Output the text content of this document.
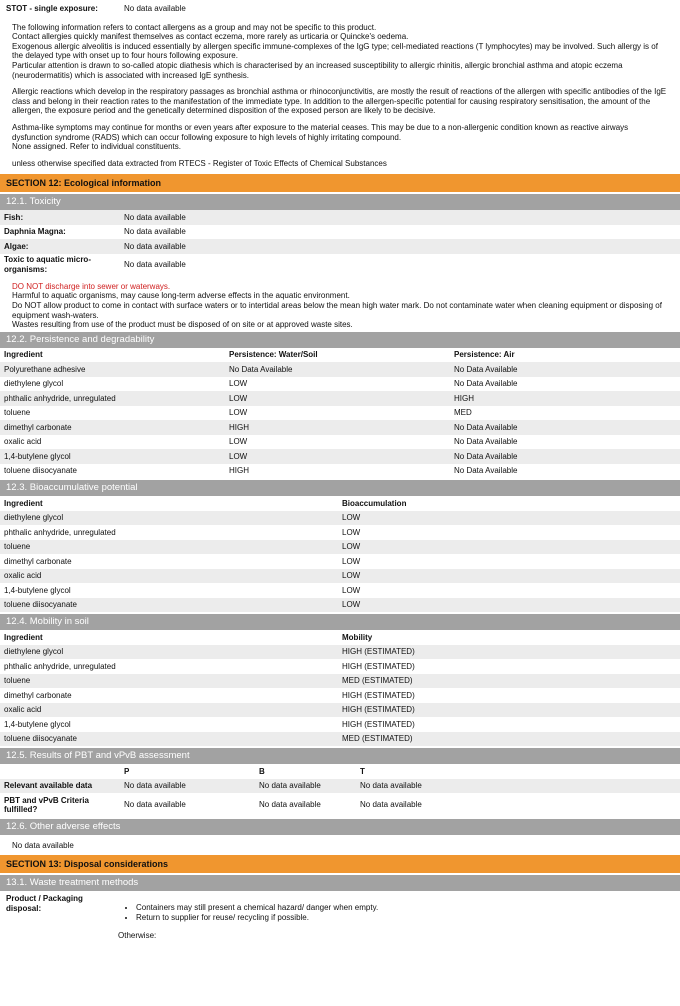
STOT - single exposure:	No data available

The following information refers to contact allergens as a group and may not be specific to this product.
Contact allergies quickly manifest themselves as contact eczema, more rarely as urticaria or Quincke's oedema.
Exogenous allergic alveolitis is induced essentially by allergen specific immune-complexes of the IgG type; cell-mediated reactions (T lymphocytes) may be involved. Such allergy is of the delayed type with onset up to four hours following exposure.
Particular attention is drawn to so-called atopic diathesis which is characterised by an increased susceptibility to allergic rhinitis, allergic bronchial asthma and atopic eczema (neurodermatitis) which is associated with increased IgE synthesis.

Allergic reactions which develop in the respiratory passages as bronchial asthma or rhinoconjunctivitis, are mostly the result of reactions of the allergen with specific antibodies of the IgE class and belong in their reaction rates to the manifestation of the immediate type. In addition to the allergen-specific potential for causing respiratory sensitisation, the amount of the allergen, the exposure period and the genetically determined disposition of the exposed person are likely to be decisive.

Asthma-like symptoms may continue for months or even years after exposure to the material ceases. This may be due to a non-allergenic condition known as reactive airways dysfunction syndrome (RADS) which can occur following exposure to high levels of highly irritating compound.
None assigned. Refer to individual constituents.

unless otherwise specified data extracted from RTECS - Register of Toxic Effects of Chemical Substances

SECTION 12: Ecological information
12.1. Toxicity
Fish:	No data available
Daphnia Magna:	No data available
Algae:	No data available
Toxic to aquatic micro-organisms:
No data available

DO NOT discharge into sewer or waterways.
Harmful to aquatic organisms, may cause long-term adverse effects in the aquatic environment.
Do NOT allow product to come in contact with surface waters or to intertidal areas below the mean high water mark. Do not contaminate water when cleaning equipment or disposing of equipment wash-waters.
Wastes resulting from use of the product must be disposed of on site or at approved waste sites.

12.2. Persistence and degradability
Ingredient	Persistence: Water/Soil	Persistence: Air
Polyurethane adhesive	No Data Available	No Data Available
diethylene glycol	LOW	No Data Available
phthalic anhydride, unregulated	LOW	HIGH
toluene	LOW	MED
dimethyl carbonate	HIGH	No Data Available
oxalic acid	LOW	No Data Available
1,4-butylene glycol	LOW	No Data Available
toluene diisocyanate	HIGH	No Data Available
12.3. Bioaccumulative potential
Ingredient	Bioaccumulation
diethylene glycol	LOW
phthalic anhydride, unregulated	LOW
toluene	LOW
dimethyl carbonate	LOW
oxalic acid	LOW
1,4-butylene glycol	LOW
toluene diisocyanate	LOW
12.4. Mobility in soil
Ingredient	Mobility
diethylene glycol	HIGH (ESTIMATED)
phthalic anhydride, unregulated	HIGH (ESTIMATED)
toluene	MED (ESTIMATED)
dimethyl carbonate	HIGH (ESTIMATED)
oxalic acid	HIGH (ESTIMATED)
1,4-butylene glycol	HIGH (ESTIMATED)
toluene diisocyanate	MED (ESTIMATED)
12.5. Results of PBT and vPvB assessment
P	B	T
Relevant available data	No data available	No data available	No data available
PBT and vPvB Criteria fulfilled?
No data available	No data available	No data available
12.6. Other adverse effects
No data available
SECTION 13: Disposal considerations
13.1. Waste treatment methods
Product / Packaging disposal:
•	Containers may still present a chemical hazard/ danger when empty.
• Return to supplier for reuse/ recycling if possible.
Otherwise:
